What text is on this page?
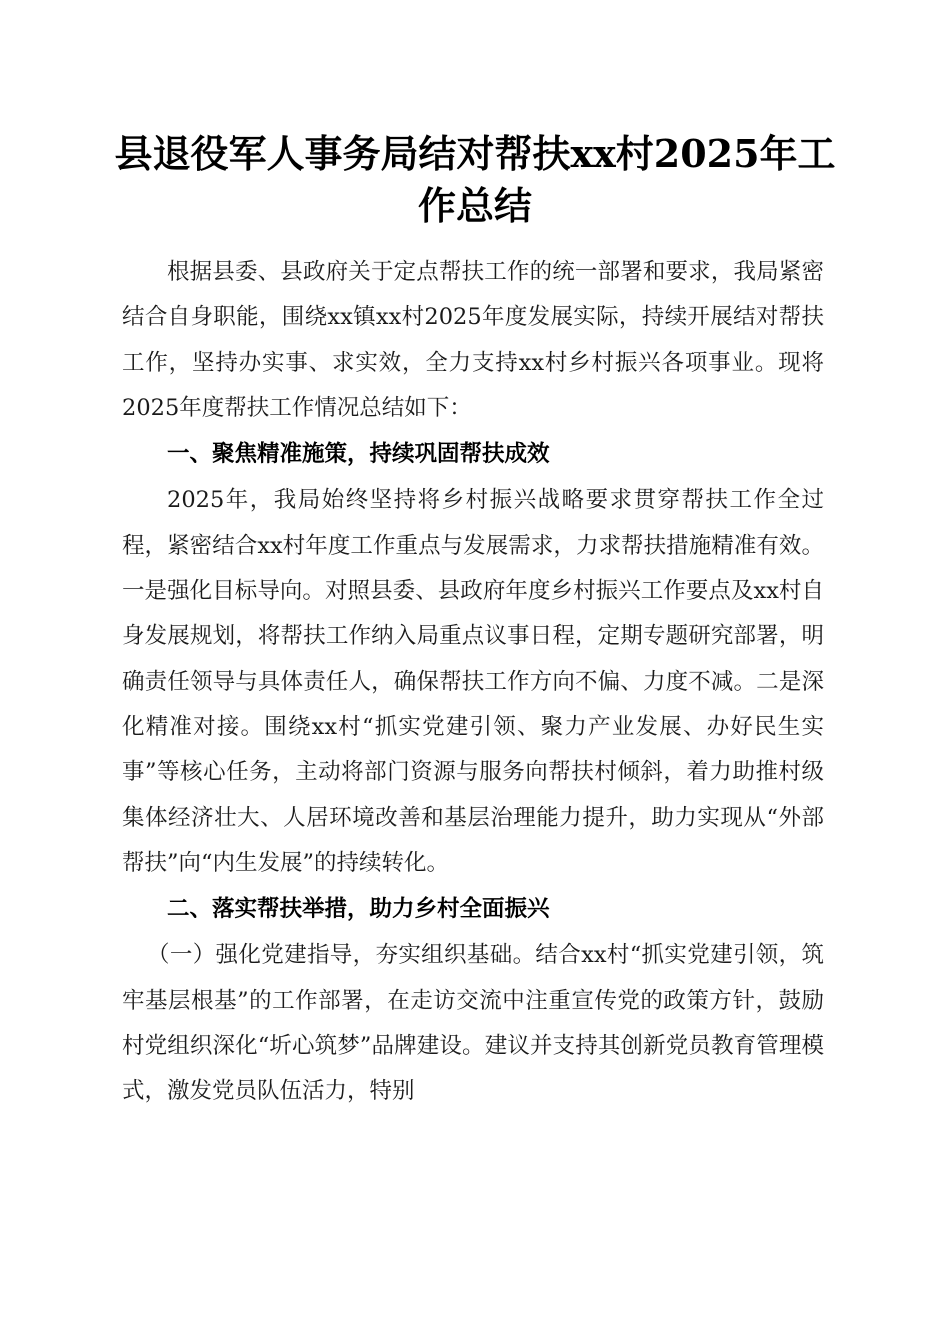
县退役军人事务局结对帮扶xx村2025年工作总结

根据县委、县政府关于定点帮扶工作的统一部署和要求，我局紧密结合自身职能，围绕xx镇xx村2025年度发展实际，持续开展结对帮扶工作，坚持办实事、求实效，全力支持xx村乡村振兴各项事业。现将2025年度帮扶工作情况总结如下：

一、聚焦精准施策，持续巩固帮扶成效

2025年，我局始终坚持将乡村振兴战略要求贯穿帮扶工作全过程，紧密结合xx村年度工作重点与发展需求，力求帮扶措施精准有效。一是强化目标导向。对照县委、县政府年度乡村振兴工作要点及xx村自身发展规划，将帮扶工作纳入局重点议事日程，定期专题研究部署，明确责任领导与具体责任人，确保帮扶工作方向不偏、力度不减。二是深化精准对接。围绕xx村“抓实党建引领、聚力产业发展、办好民生实事”等核心任务，主动将部门资源与服务向帮扶村倾斜，着力助推村级集体经济壮大、人居环境改善和基层治理能力提升，助力实现从“外部帮扶”向“内生发展”的持续转化。

二、落实帮扶举措，助力乡村全面振兴

（一）强化党建指导，夯实组织基础。结合xx村“抓实党建引领，筑牢基层根基”的工作部署，在走访交流中注重宣传党的政策方针，鼓励村党组织深化“圻心筑梦”品牌建设。建议并支持其创新党员教育管理模式，激发党员队伍活力，特别
